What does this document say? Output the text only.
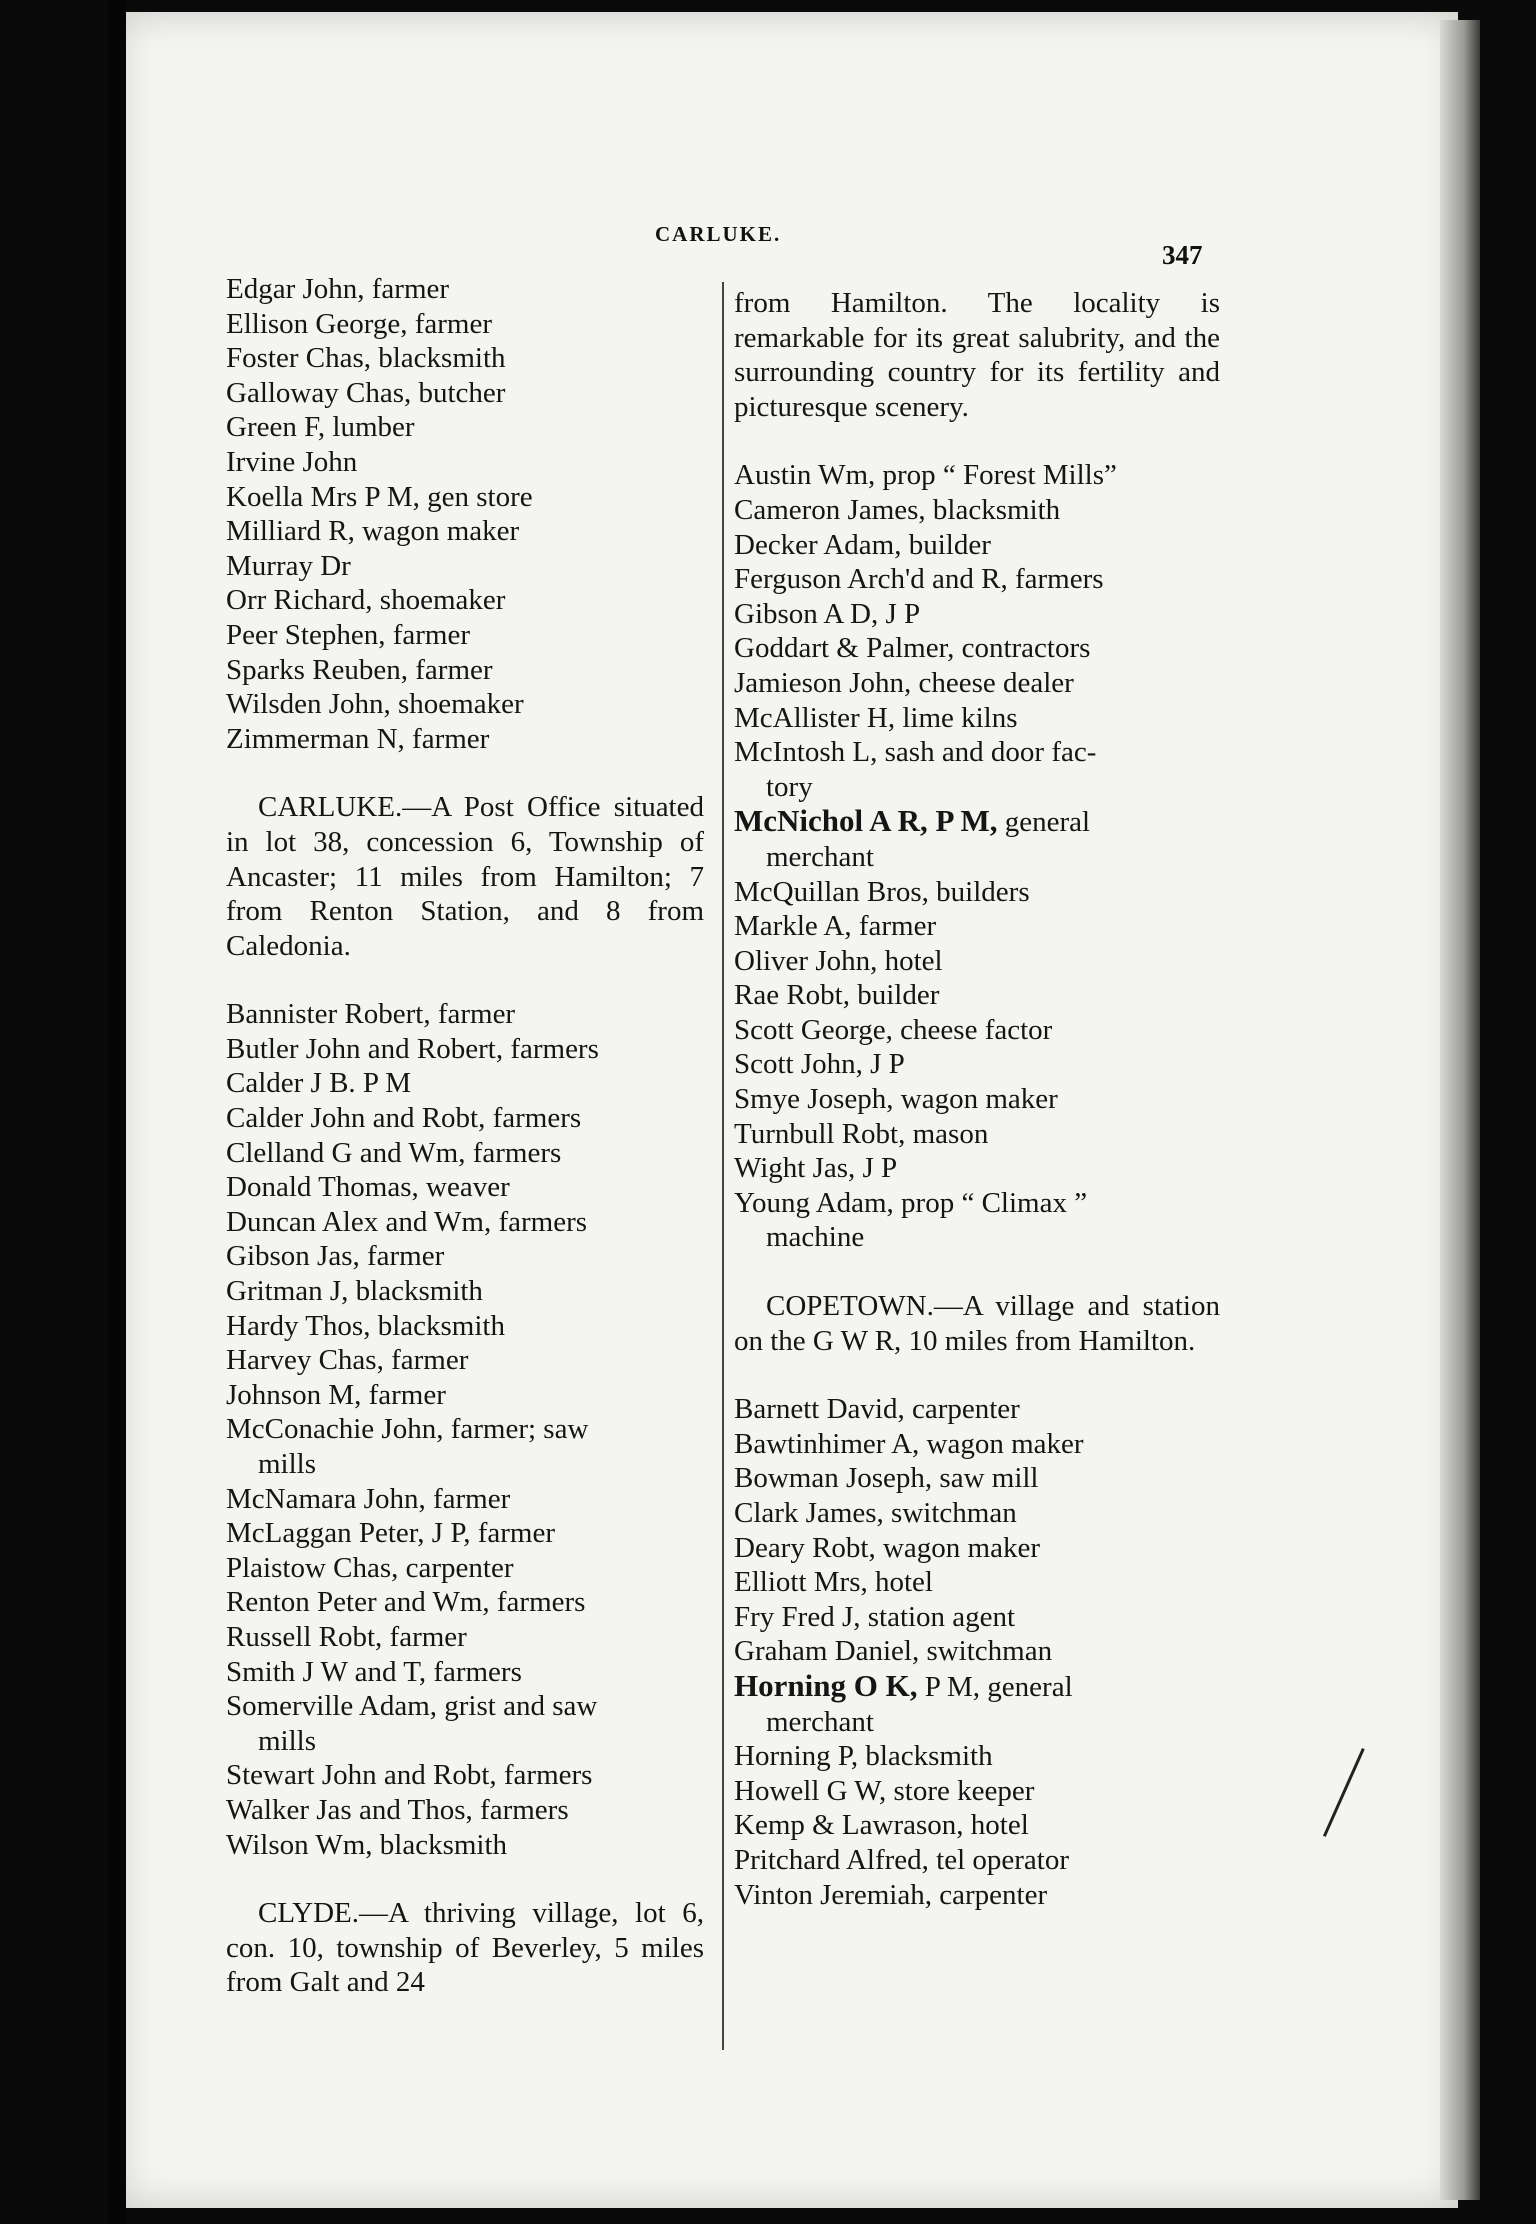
CARLUKE.
347
Edgar John, farmer
Ellison George, farmer
Foster Chas, blacksmith
Galloway Chas, butcher
Green F, lumber
Irvine John
Koella Mrs P M, gen store
Milliard R, wagon maker
Murray Dr
Orr Richard, shoemaker
Peer Stephen, farmer
Sparks Reuben, farmer
Wilsden John, shoemaker
Zimmerman N, farmer
CARLUKE.—A Post Office situated in lot 38, concession 6, Township of Ancaster; 11 miles from Hamilton; 7 from Renton Station, and 8 from Caledonia.
Bannister Robert, farmer
Butler John and Robert, farmers
Calder J B. P M
Calder John and Robt, farmers
Clelland G and Wm, farmers
Donald Thomas, weaver
Duncan Alex and Wm, farmers
Gibson Jas, farmer
Gritman J, blacksmith
Hardy Thos, blacksmith
Harvey Chas, farmer
Johnson M, farmer
McConachie John, farmer; saw
mills
McNamara John, farmer
McLaggan Peter, J P, farmer
Plaistow Chas, carpenter
Renton Peter and Wm, farmers
Russell Robt, farmer
Smith J W and T, farmers
Somerville Adam, grist and saw
mills
Stewart John and Robt, farmers
Walker Jas and Thos, farmers
Wilson Wm, blacksmith
CLYDE.—A thriving village, lot 6, con. 10, township of Beverley, 5 miles from Galt and 24
from Hamilton. The locality is remarkable for its great salubrity, and the surrounding country for its fertility and picturesque scenery.
Austin Wm, prop “ Forest Mills”
Cameron James, blacksmith
Decker Adam, builder
Ferguson Arch'd and R, farmers
Gibson A D, J P
Goddart & Palmer, contractors
Jamieson John, cheese dealer
McAllister H, lime kilns
McIntosh L, sash and door fac-
tory
McNichol A R, P M, general
merchant
McQuillan Bros, builders
Markle A, farmer
Oliver John, hotel
Rae Robt, builder
Scott George, cheese factor
Scott John, J P
Smye Joseph, wagon maker
Turnbull Robt, mason
Wight Jas, J P
Young Adam, prop “ Climax ”
machine
COPETOWN.—A village and station on the G W R, 10 miles from Hamilton.
Barnett David, carpenter
Bawtinhimer A, wagon maker
Bowman Joseph, saw mill
Clark James, switchman
Deary Robt, wagon maker
Elliott Mrs, hotel
Fry Fred J, station agent
Graham Daniel, switchman
Horning O K, P M, general
merchant
Horning P, blacksmith
Howell G W, store keeper
Kemp & Lawrason, hotel
Pritchard Alfred, tel operator
Vinton Jeremiah, carpenter
